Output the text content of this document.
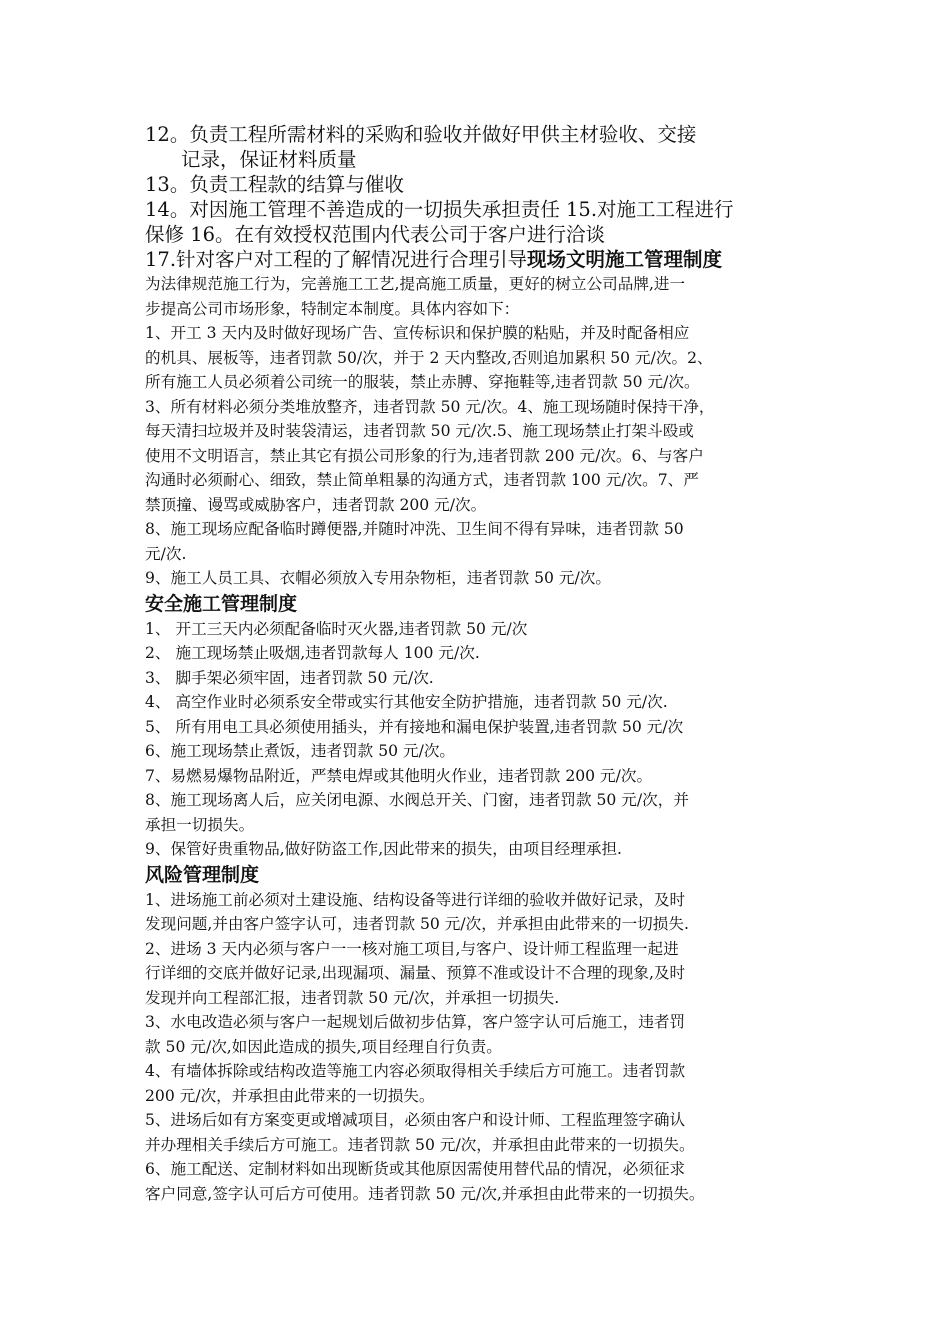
12。负责工程所需材料的采购和验收并做好甲供主材验收、交接

记录，保证材料质量

13。负责工程款的结算与催收

14。对因施工管理不善造成的一切损失承担责任 15.对施工工程进行

保修 16。在有效授权范围内代表公司于客户进行洽谈

17.针对客户对工程的了解情况进行合理引导现场文明施工管理制度

为法律规范施工行为，完善施工工艺,提高施工质量，更好的树立公司品牌,进一

步提高公司市场形象，特制定本制度。具体内容如下：

1、开工 3 天内及时做好现场广告、宣传标识和保护膜的粘贴，并及时配备相应

的机具、展板等，违者罚款 50/次，并于 2 天内整改,否则追加累积 50 元/次。2、

所有施工人员必须着公司统一的服装，禁止赤膊、穿拖鞋等,违者罚款 50 元/次。

3、所有材料必须分类堆放整齐，违者罚款 50 元/次。4、施工现场随时保持干净，

每天清扫垃圾并及时装袋清运，违者罚款 50 元/次.5、施工现场禁止打架斗殴或

使用不文明语言，禁止其它有损公司形象的行为,违者罚款 200 元/次。6、与客户

沟通时必须耐心、细致，禁止简单粗暴的沟通方式，违者罚款 100 元/次。7、严

禁顶撞、谩骂或威胁客户，违者罚款 200 元/次。

8、施工现场应配备临时蹲便器,并随时冲洗、卫生间不得有异味，违者罚款 50

元/次.

9、施工人员工具、衣帽必须放入专用杂物柜，违者罚款 50 元/次。

安全施工管理制度

1、 开工三天内必须配备临时灭火器,违者罚款 50 元/次

2、 施工现场禁止吸烟,违者罚款每人 100 元/次.

3、 脚手架必须牢固，违者罚款 50 元/次.

4、 高空作业时必须系安全带或实行其他安全防护措施，违者罚款 50 元/次.

5、 所有用电工具必须使用插头，并有接地和漏电保护装置,违者罚款 50 元/次

6、施工现场禁止煮饭，违者罚款 50 元/次。

7、易燃易爆物品附近，严禁电焊或其他明火作业，违者罚款 200 元/次。

8、施工现场离人后，应关闭电源、水阀总开关、门窗，违者罚款 50 元/次，并

承担一切损失。

9、保管好贵重物品,做好防盗工作,因此带来的损失，由项目经理承担.

风险管理制度

1、进场施工前必须对土建设施、结构设备等进行详细的验收并做好记录，及时

发现问题,并由客户签字认可，违者罚款 50 元/次，并承担由此带来的一切损失.

2、进场 3 天内必须与客户一一核对施工项目,与客户、设计师工程监理一起进

行详细的交底并做好记录,出现漏项、漏量、预算不准或设计不合理的现象,及时

发现并向工程部汇报，违者罚款 50 元/次，并承担一切损失.

3、水电改造必须与客户一起规划后做初步估算，客户签字认可后施工，违者罚

款 50 元/次,如因此造成的损失,项目经理自行负责。

4、有墙体拆除或结构改造等施工内容必须取得相关手续后方可施工。违者罚款

200 元/次，并承担由此带来的一切损失。

5、进场后如有方案变更或增减项目，必须由客户和设计师、工程监理签字确认

并办理相关手续后方可施工。违者罚款 50 元/次，并承担由此带来的一切损失。

6、施工配送、定制材料如出现断货或其他原因需使用替代品的情况，必须征求

客户同意,签字认可后方可使用。违者罚款 50 元/次,并承担由此带来的一切损失。
